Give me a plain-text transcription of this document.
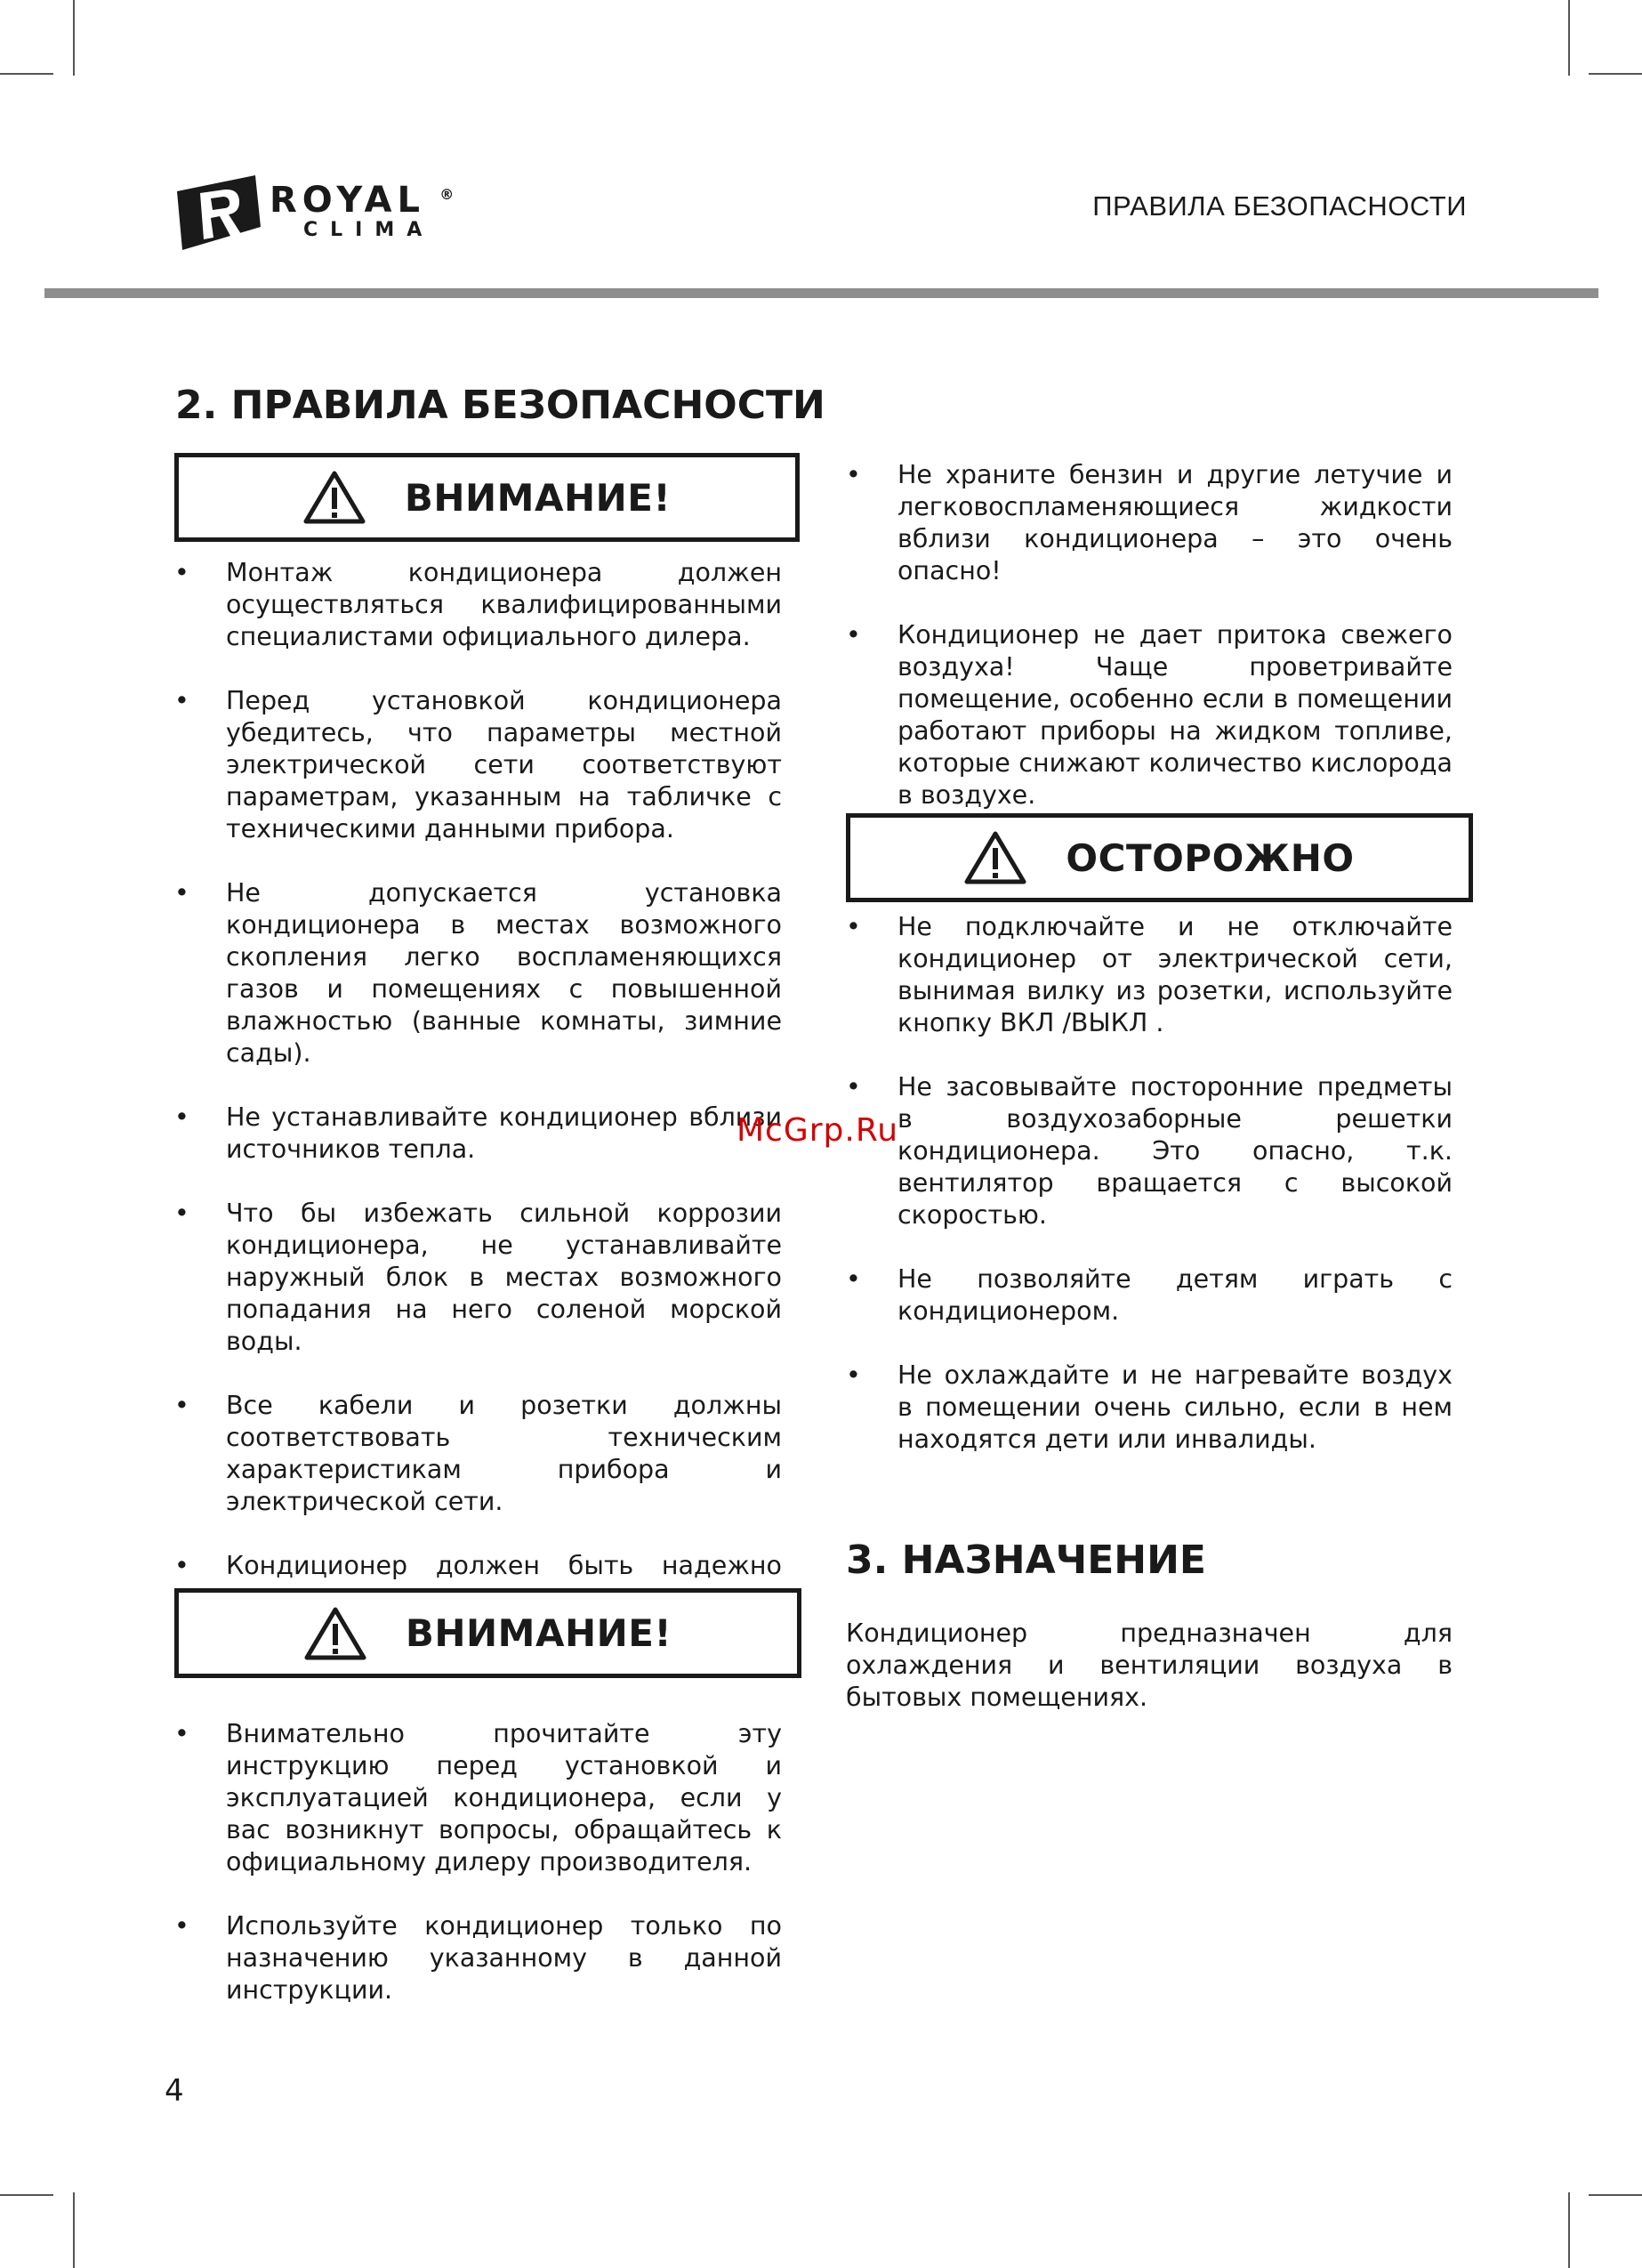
ROYAL ®
CLIMA
ПРАВИЛА БЕЗОПАСНОСТИ
2. ПРАВИЛА БЕЗОПАСНОСТИ
ВНИМАНИЕ!
• Монтаж кондиционера должен осуществляться квалифицированными специалистами официального дилера.
• Перед установкой кондиционера убедитесь, что параметры местной электрической сети соответствуют параметрам, указанным на табличке с техническими данными прибора.
• Не допускается установка кондиционера в местах возможного скопления легко воспламеняющихся газов и помещениях с повышенной влажностью (ванные комнаты, зимние сады).
• Не устанавливайте кондиционер вблизи источников тепла.
• Что бы избежать сильной коррозии кондиционера, не устанавливайте наружный блок в местах возможного попадания на него соленой морской воды.
• Все кабели и розетки должны соответствовать техническим характеристикам прибора и электрической сети.
• Кондиционер должен быть надежно
ВНИМАНИЕ!
• Внимательно прочитайте эту инструкцию перед установкой и эксплуатацией кондиционера, если у вас возникнут вопросы, обращайтесь к официальному дилеру производителя.
• Используйте кондиционер только по назначению указанному в данной инструкции.
• Не храните бензин и другие летучие и легковоспламеняющиеся жидкости вблизи кондиционера – это очень опасно!
• Кондиционер не дает притока свежего воздуха! Чаще проветривайте помещение, особенно если в помещении работают приборы на жидком топливе, которые снижают количество кислорода в воздухе.
ОСТОРОЖНО
• Не подключайте и не отключайте кондиционер от электрической сети, вынимая вилку из розетки, используйте кнопку ВКЛ /ВЫКЛ .
• Не засовывайте посторонние предметы в воздухозаборные решетки кондиционера. Это опасно, т.к. вентилятор вращается с высокой скоростью.
• Не позволяйте детям играть с кондиционером.
• Не охлаждайте и не нагревайте воздух в помещении очень сильно, если в нем находятся дети или инвалиды.
3. НАЗНАЧЕНИЕ

Кондиционер предназначен для охлаждения и вентиляции воздуха в бытовых помещениях.

McGrp.Ru
4
